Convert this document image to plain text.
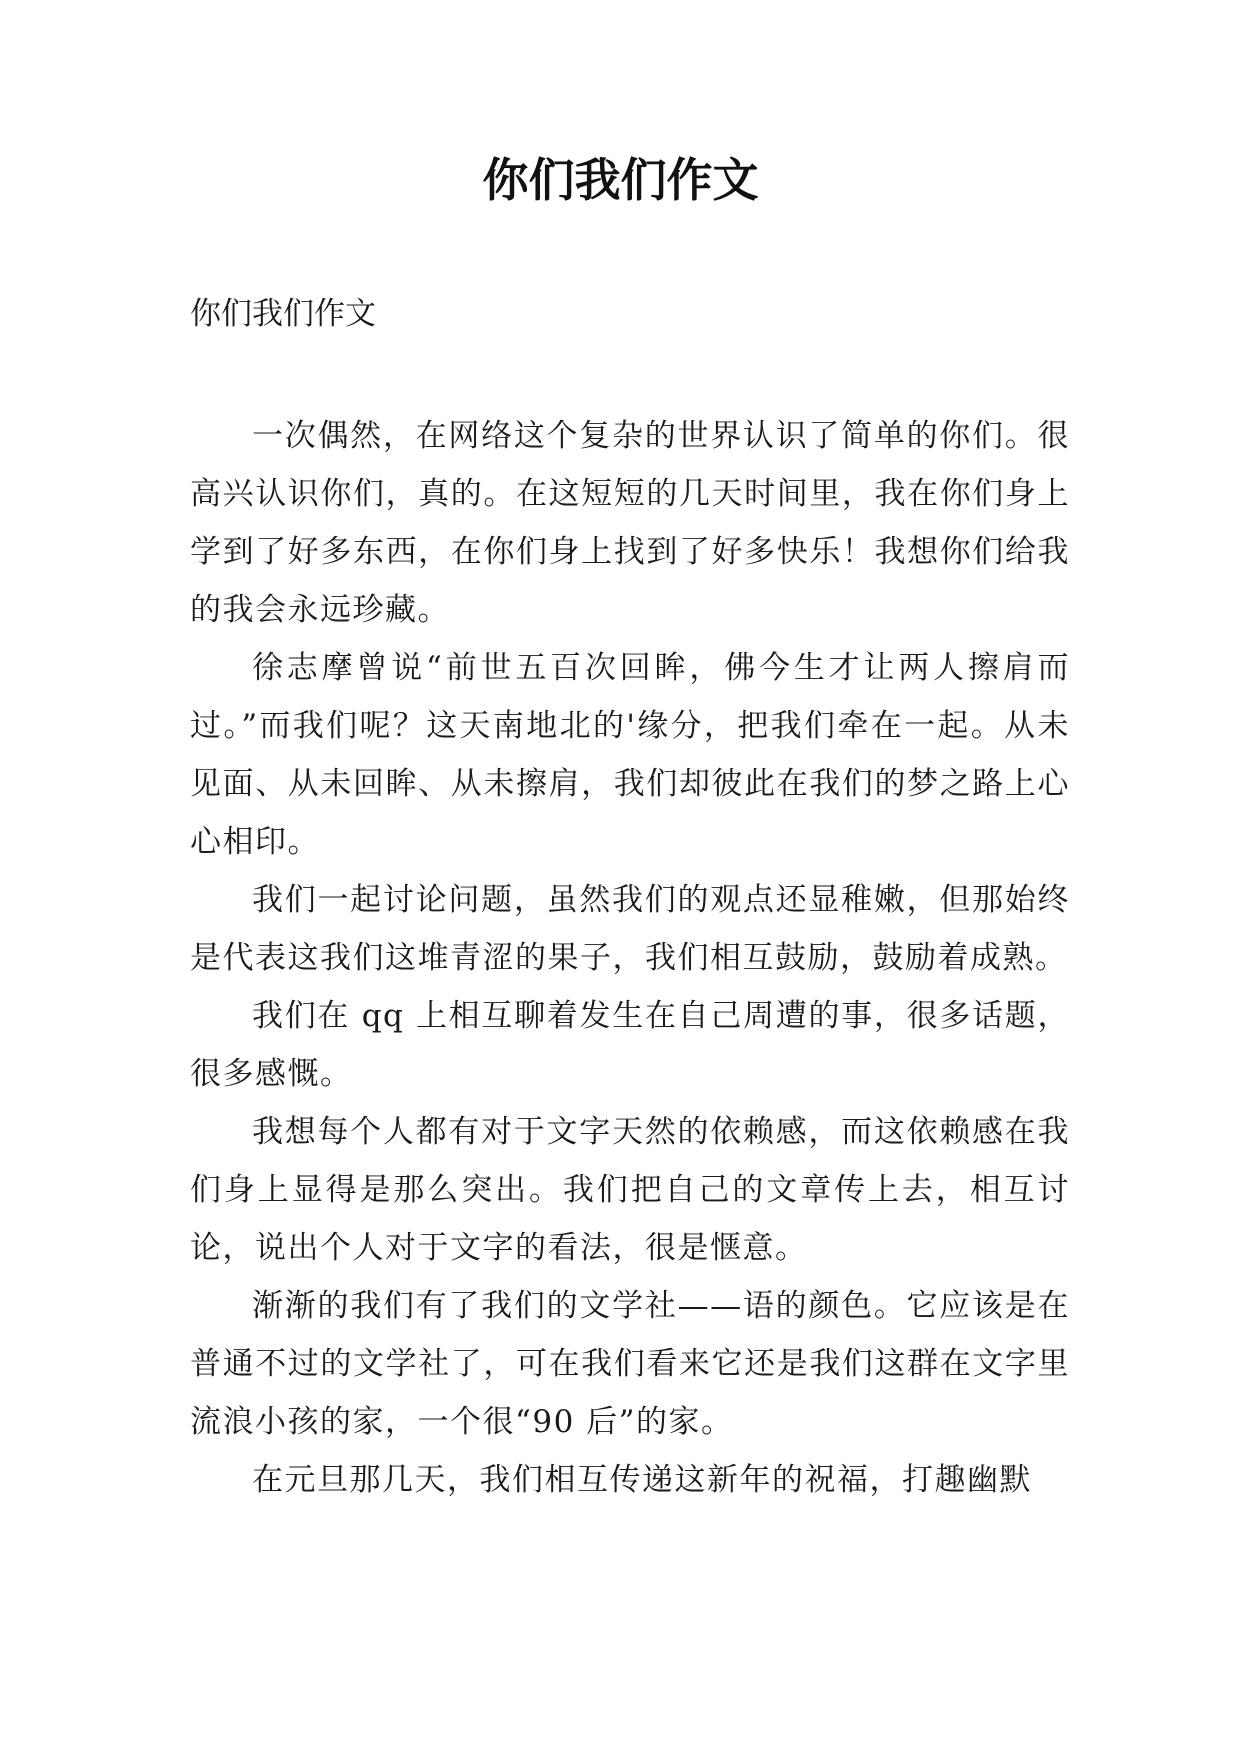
你们我们作文

你们我们作文

一次偶然，在网络这个复杂的世界认识了简单的你们。很高兴认识你们，真的。在这短短的几天时间里，我在你们身上学到了好多东西，在你们身上找到了好多快乐！我想你们给我的我会永远珍藏。

徐志摩曾说“前世五百次回眸，佛今生才让两人擦肩而过。”而我们呢？这天南地北的'缘分，把我们牵在一起。从未见面、从未回眸、从未擦肩，我们却彼此在我们的梦之路上心心相印。

我们一起讨论问题，虽然我们的观点还显稚嫩，但那始终是代表这我们这堆青涩的果子，我们相互鼓励，鼓励着成熟。

我们在 qq 上相互聊着发生在自己周遭的事，很多话题，很多感慨。

我想每个人都有对于文字天然的依赖感，而这依赖感在我们身上显得是那么突出。我们把自己的文章传上去，相互讨论，说出个人对于文字的看法，很是惬意。

渐渐的我们有了我们的文学社——语的颜色。它应该是在普通不过的文学社了，可在我们看来它还是我们这群在文字里流浪小孩的家，一个很“90 后”的家。

在元旦那几天，我们相互传递这新年的祝福，打趣幽默
